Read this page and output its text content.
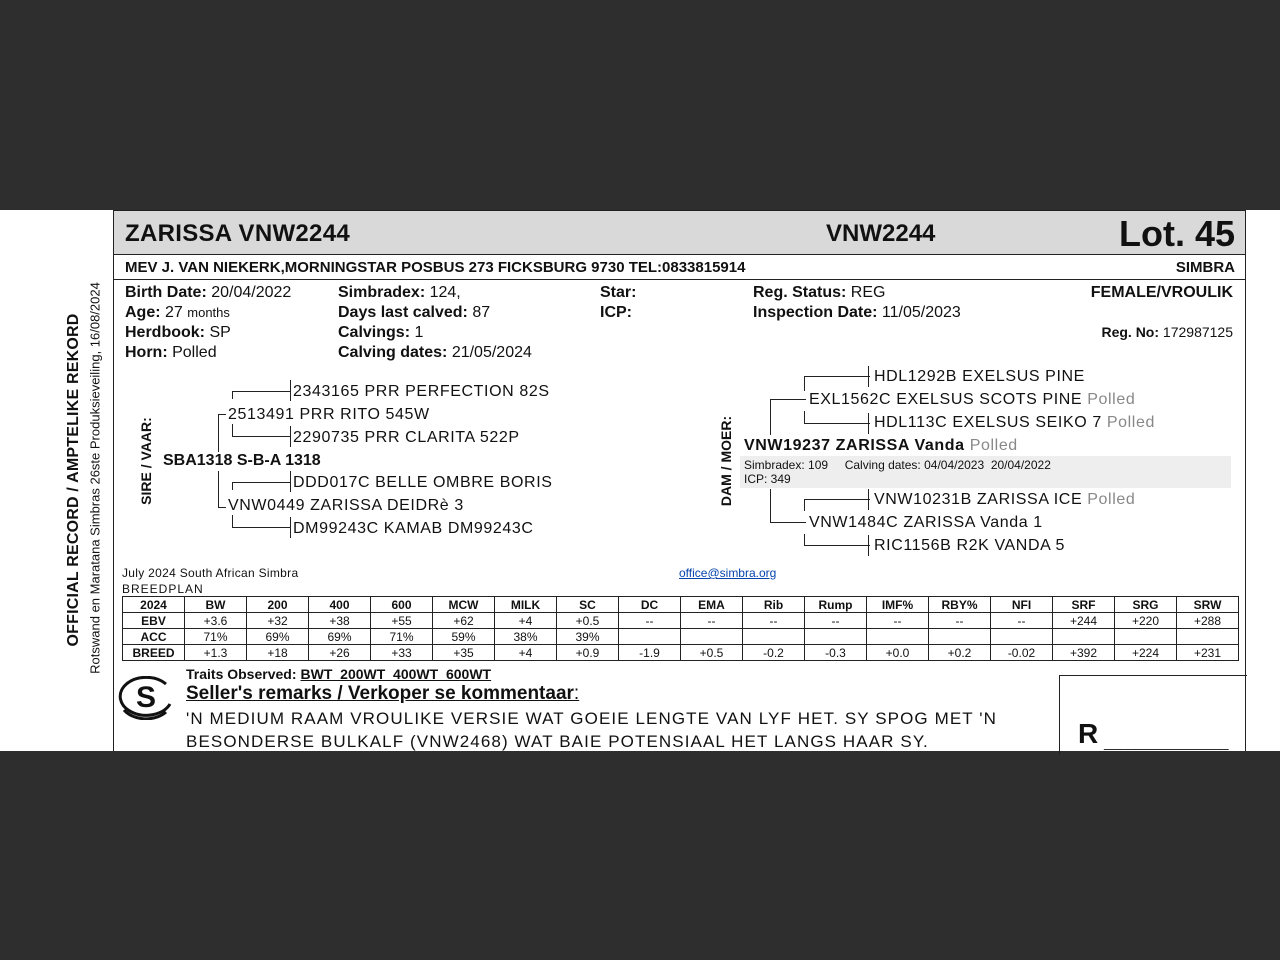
OFFICIAL RECORD / AMPTELIKE REKORD Rotswand en Maratana Simbras 26ste Produksieveiling, 16/08/2024
ZARISSA VNW2244	VNW2244	Lot. 45
MEV J. VAN NIEKERK,MORNINGSTAR POSBUS 273 FICKSBURG 9730 TEL:0833815914	SIMBRA
Birth Date: 20/04/2022
Age: 27 months
Herdbook: SP
Horn: Polled
Simbradex: 124,
Days last calved: 87
Calvings: 1
Calving dates: 21/05/2024
Star:
ICP:
Reg. Status: REG
Inspection Date: 11/05/2023
FEMALE/VROULIK
Reg. No: 172987125
SIRE / VAAR:
2343165 PRR PERFECTION 82S
2513491 PRR RITO 545W
2290735 PRR CLARITA 522P
SBA1318 S-B-A 1318
DDD017C BELLE OMBRE BORIS
VNW0449 ZARISSA DEIDRè 3
DM99243C KAMAB DM99243C
DAM / MOER:
HDL1292B EXELSUS PINE
EXL1562C EXELSUS SCOTS PINE Polled
HDL113C EXELSUS SEIKO 7 Polled
VNW19237 ZARISSA Vanda Polled
Simbradex: 109     Calving dates: 04/04/2023  20/04/2022
ICP: 349
VNW10231B ZARISSA ICE Polled
VNW1484C ZARISSA Vanda 1
RIC1156B R2K VANDA 5
July 2024 South African Simbra
BREEDPLAN
office@simbra.org
2024	BW	200	400	600	MCW	MILK	SC	DC	EMA	Rib	Rump	IMF%	RBY%	NFI	SRF	SRG	SRW
EBV	+3.6	+32	+38	+55	+62	+4	+0.5	--	--	--	--	--	--	--	+244	+220	+288
ACC	71%	69%	69%	71%	59%	38%	39%										
BREED	+1.3	+18	+26	+33	+35	+4	+0.9	-1.9	+0.5	-0.2	-0.3	+0.0	+0.2	-0.02	+392	+224	+231
Traits Observed: BWT  200WT  400WT  600WT
S Seller's remarks / Verkoper se kommentaar:
'N MEDIUM RAAM VROULIKE VERSIE WAT GOEIE LENGTE VAN LYF HET. SY SPOG MET 'N BESONDERSE BULKALF (VNW2468) WAT BAIE POTENSIAAL HET LANGS HAAR SY.	R ________________
